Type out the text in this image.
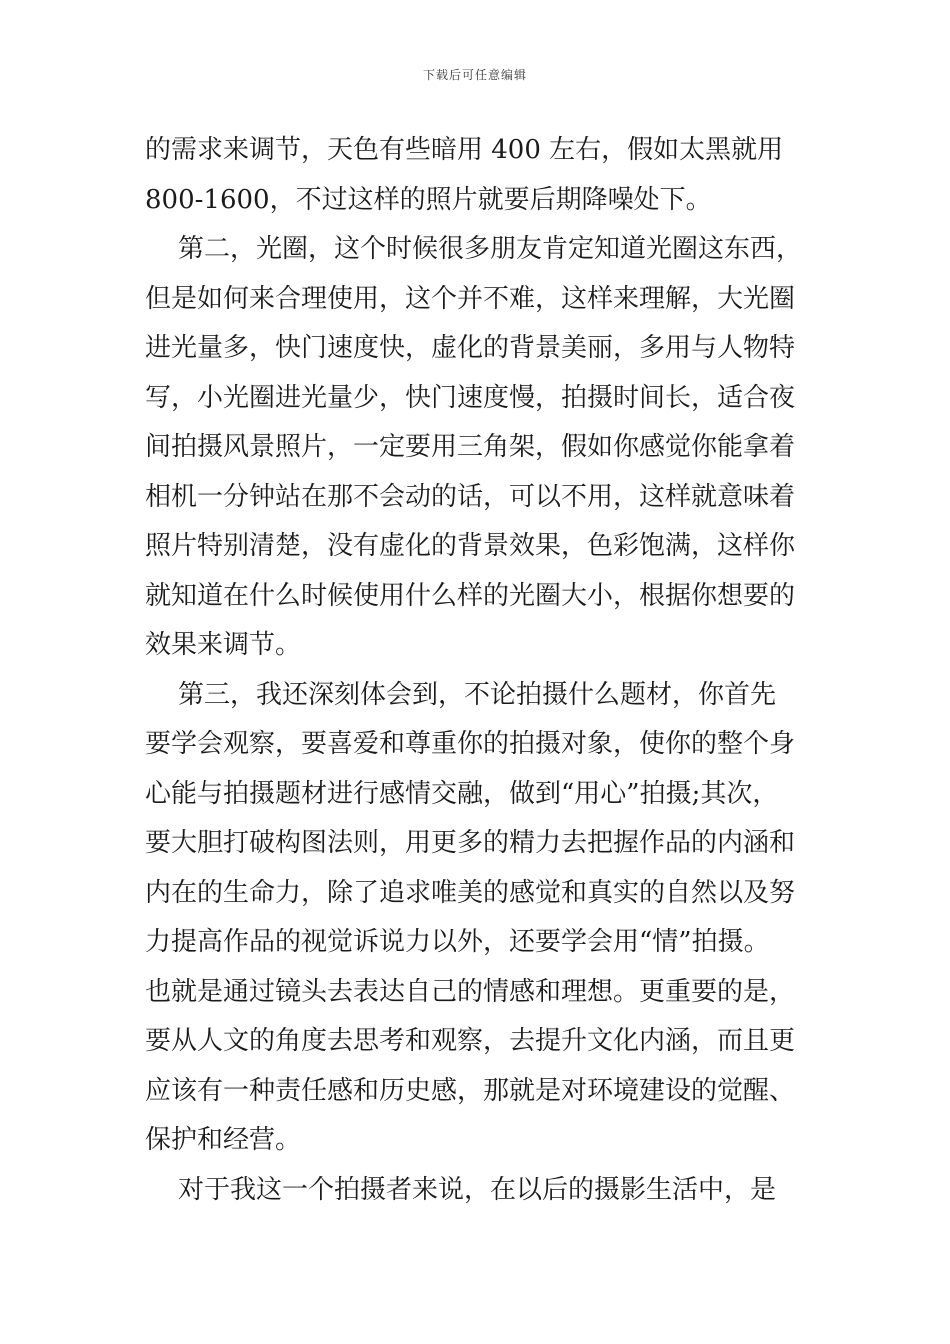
下载后可任意编辑
的需求来调节，天色有些暗用 400 左右，假如太黑就用
800-1600，不过这样的照片就要后期降噪处下。
第二，光圈，这个时候很多朋友肯定知道光圈这东西，
但是如何来合理使用，这个并不难，这样来理解，大光圈
进光量多，快门速度快，虚化的背景美丽，多用与人物特
写，小光圈进光量少，快门速度慢，拍摄时间长，适合夜
间拍摄风景照片，一定要用三角架，假如你感觉你能拿着
相机一分钟站在那不会动的话，可以不用，这样就意味着
照片特别清楚，没有虚化的背景效果，色彩饱满，这样你
就知道在什么时候使用什么样的光圈大小，根据你想要的
效果来调节。
第三，我还深刻体会到，不论拍摄什么题材，你首先
要学会观察，要喜爱和尊重你的拍摄对象，使你的整个身
心能与拍摄题材进行感情交融，做到“用心”拍摄;其次，
要大胆打破构图法则，用更多的精力去把握作品的内涵和
内在的生命力，除了追求唯美的感觉和真实的自然以及努
力提高作品的视觉诉说力以外，还要学会用“情”拍摄。
也就是通过镜头去表达自己的情感和理想。更重要的是，
要从人文的角度去思考和观察，去提升文化内涵，而且更
应该有一种责任感和历史感，那就是对环境建设的觉醒、
保护和经营。
对于我这一个拍摄者来说，在以后的摄影生活中，是
